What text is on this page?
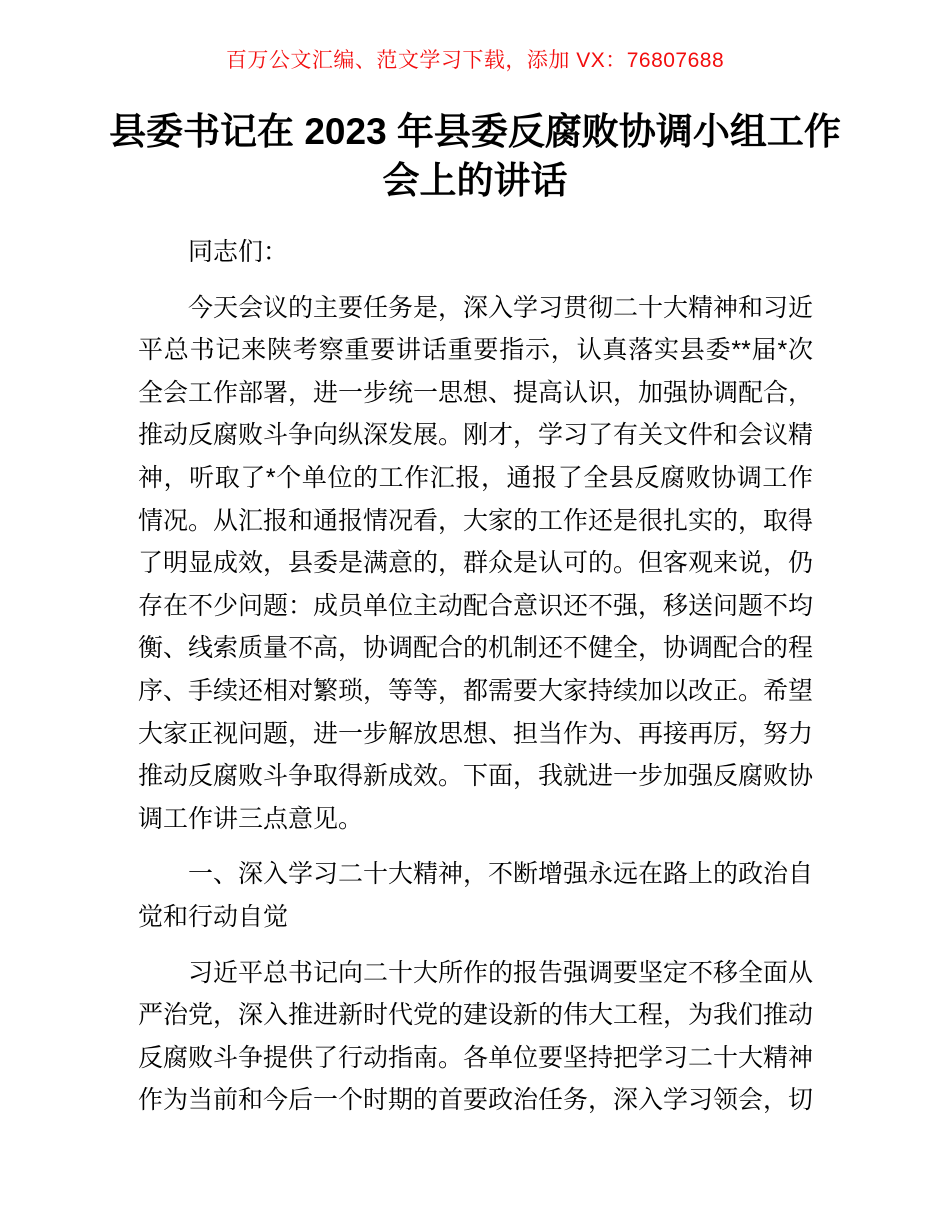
百万公文汇编、范文学习下载，添加 VX：76807688
县委书记在 2023 年县委反腐败协调小组工作会上的讲话

同志们：

今天会议的主要任务是，深入学习贯彻二十大精神和习近平总书记来陕考察重要讲话重要指示，认真落实县委**届*次全会工作部署，进一步统一思想、提高认识，加强协调配合，推动反腐败斗争向纵深发展。刚才，学习了有关文件和会议精神，听取了*个单位的工作汇报，通报了全县反腐败协调工作情况。从汇报和通报情况看，大家的工作还是很扎实的，取得了明显成效，县委是满意的，群众是认可的。但客观来说，仍存在不少问题：成员单位主动配合意识还不强，移送问题不均衡、线索质量不高，协调配合的机制还不健全，协调配合的程序、手续还相对繁琐，等等，都需要大家持续加以改正。希望大家正视问题，进一步解放思想、担当作为、再接再厉，努力推动反腐败斗争取得新成效。下面，我就进一步加强反腐败协调工作讲三点意见。

一、深入学习二十大精神，不断增强永远在路上的政治自觉和行动自觉

习近平总书记向二十大所作的报告强调要坚定不移全面从严治党，深入推进新时代党的建设新的伟大工程，为我们推动反腐败斗争提供了行动指南。各单位要坚持把学习二十大精神作为当前和今后一个时期的首要政治任务，深入学习领会，切
